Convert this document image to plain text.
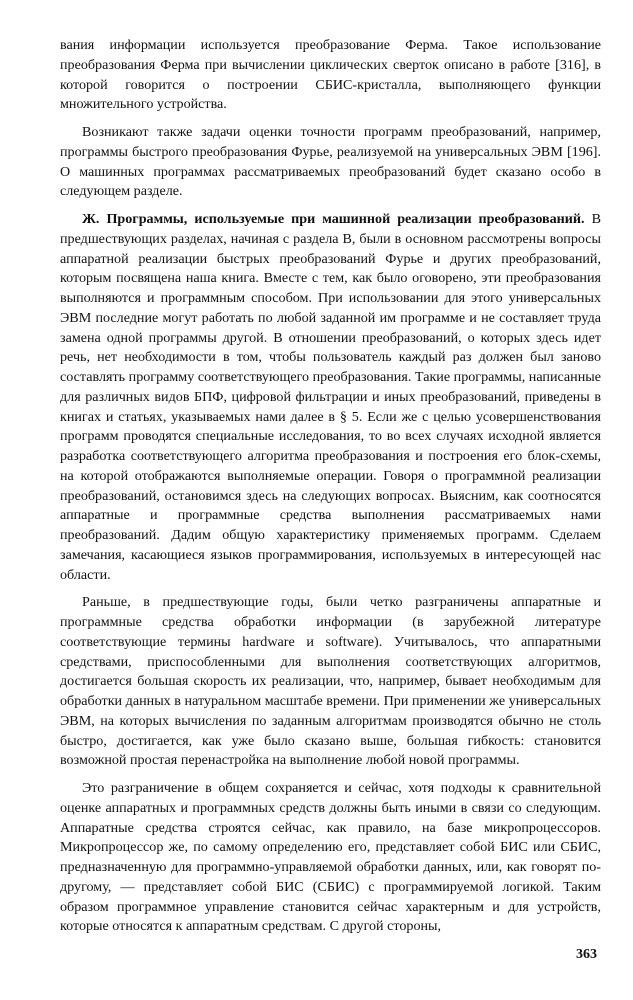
вания информации используется преобразование Ферма. Такое использование преобразования Ферма при вычислении циклических сверток описано в работе [316], в которой говорится о построении СБИС-кристалла, выполняющего функции множительного устройства.

Возникают также задачи оценки точности программ преобразований, например, программы быстрого преобразования Фурье, реализуемой на универсальных ЭВМ [196]. О машинных программах рассматриваемых преобразований будет сказано особо в следующем разделе.

Ж. Программы, используемые при машинной реализации преобразований. В предшествующих разделах, начиная с раздела В, были в основном рассмотрены вопросы аппаратной реализации быстрых преобразований Фурье и других преобразований, которым посвящена наша книга. Вместе с тем, как было оговорено, эти преобразования выполняются и программным способом. При использовании для этого универсальных ЭВМ последние могут работать по любой заданной им программе и не составляет труда замена одной программы другой. В отношении преобразований, о которых здесь идет речь, нет необходимости в том, чтобы пользователь каждый раз должен был заново составлять программу соответствующего преобразования. Такие программы, написанные для различных видов БПФ, цифровой фильтрации и иных преобразований, приведены в книгах и статьях, указываемых нами далее в § 5. Если же с целью усовершенствования программ проводятся специальные исследования, то во всех случаях исходной является разработка соответствующего алгоритма преобразования и построения его блок-схемы, на которой отображаются выполняемые операции. Говоря о программной реализации преобразований, остановимся здесь на следующих вопросах. Выясним, как соотносятся аппаратные и программные средства выполнения рассматриваемых нами преобразований. Дадим общую характеристику применяемых программ. Сделаем замечания, касающиеся языков программирования, используемых в интересующей нас области.

Раньше, в предшествующие годы, были четко разграничены аппаратные и программные средства обработки информации (в зарубежной литературе соответствующие термины hardware и software). Учитывалось, что аппаратными средствами, приспособленными для выполнения соответствующих алгоритмов, достигается большая скорость их реализации, что, например, бывает необходимым для обработки данных в натуральном масштабе времени. При применении же универсальных ЭВМ, на которых вычисления по заданным алгоритмам производятся обычно не столь быстро, достигается, как уже было сказано выше, большая гибкость: становится возможной простая перенастройка на выполнение любой новой программы.

Это разграничение в общем сохраняется и сейчас, хотя подходы к сравнительной оценке аппаратных и программных средств должны быть иными в связи со следующим. Аппаратные средства строятся сейчас, как правило, на базе микропроцессоров. Микропроцессор же, по самому определению его, представляет собой БИС или СБИС, предназначенную для программно-управляемой обработки данных, или, как говорят по-другому, — представляет собой БИС (СБИС) с программируемой логикой. Таким образом программное управление становится сейчас характерным и для устройств, которые относятся к аппаратным средствам. С другой стороны,

363
